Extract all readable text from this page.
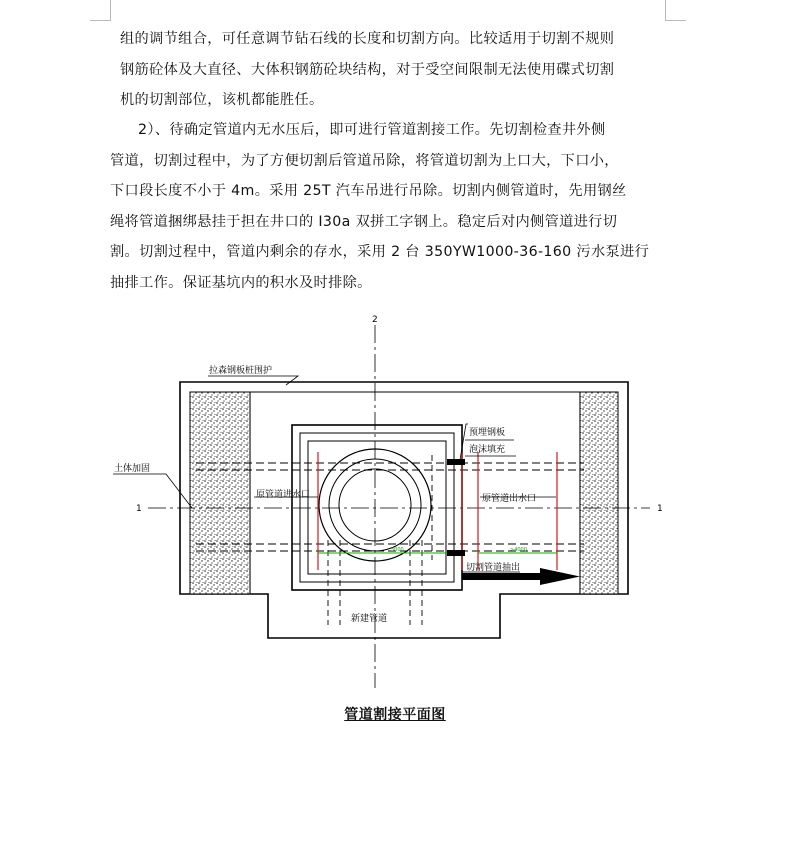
组的调节组合，可任意调节钻石线的长度和切割方向。比较适用于切割不规则
钢筋砼体及大直径、大体积钢筋砼块结构，对于受空间限制无法使用碟式切割
机的切割部位，该机都能胜任。
2）、待确定管道内无水压后，即可进行管道割接工作。先切割检查井外侧
管道，切割过程中，为了方便切割后管道吊除，将管道切割为上口大，下口小，
下口段长度不小于 4m。采用 25T 汽车吊进行吊除。切割内侧管道时，先用钢丝
绳将管道捆绑悬挂于担在井口的 I30a 双拼工字钢上。稳定后对内侧管道进行切
割。切割过程中，管道内剩余的存水，采用 2 台 350YW1000-36-160 污水泵进行
抽排工作。保证基坑内的积水及时排除。
3000	>4000
2
1	1
拉森钢板桩围护
土体加固
预埋钢板
泡沫填充
原管道进水口	原管道出水口
切割管道抽出
新建管道
管道割接平面图
